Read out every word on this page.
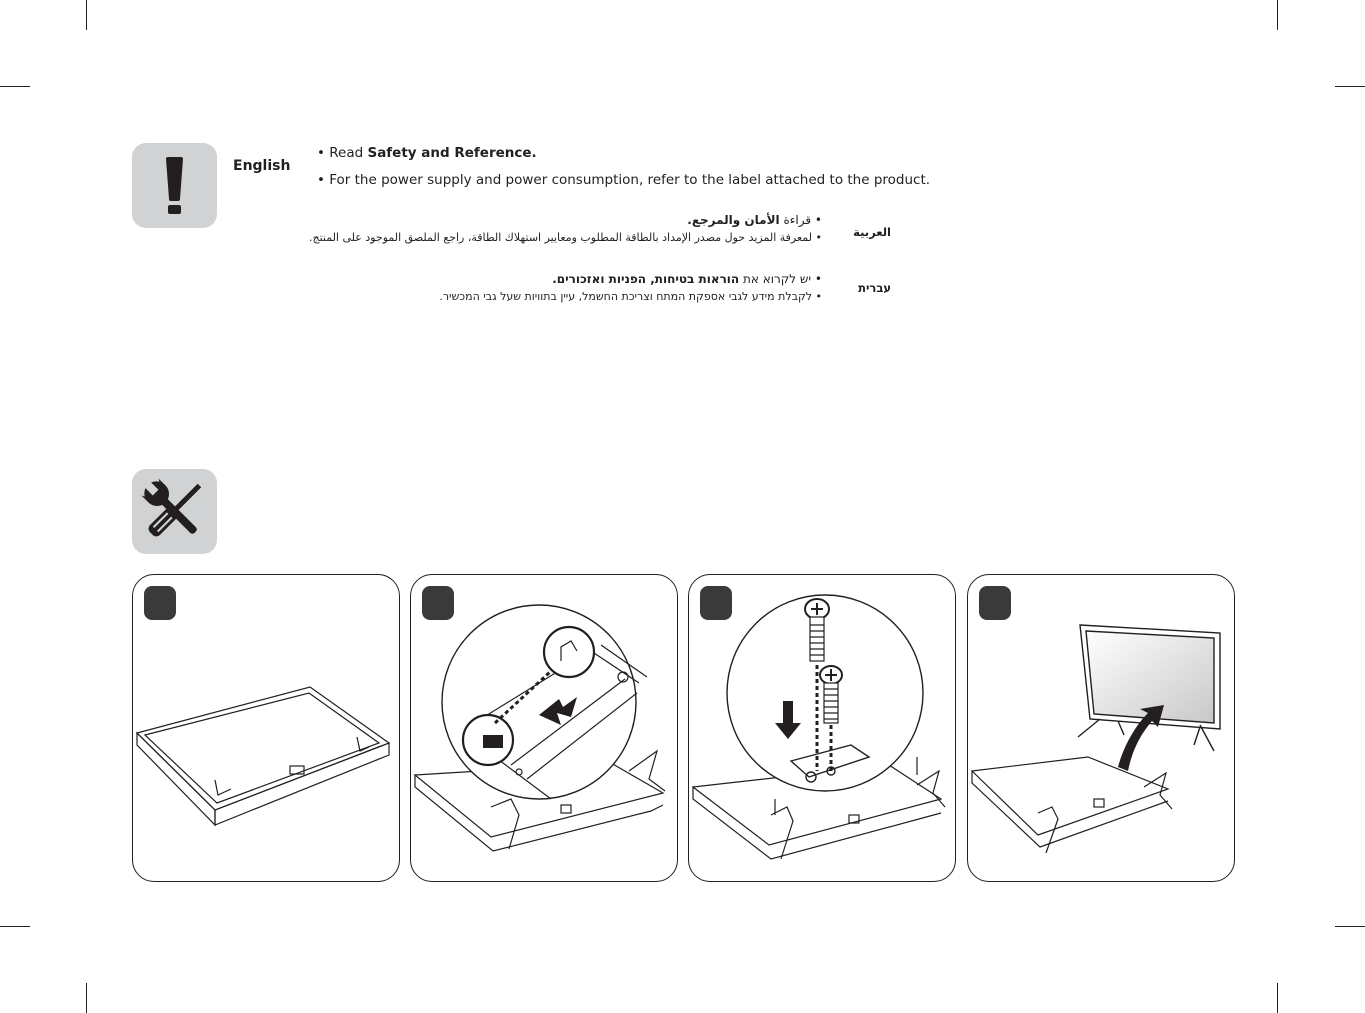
English
• Read Safety and Reference.
• For the power supply and power consumption, refer to the label attached to the product.
• قراءة الأمان والمرجع.
• لمعرفة المزيد حول مصدر الإمداد بالطاقة المطلوب ومعايير استهلاك الطاقة، راجع الملصق الموجود على المنتج.	العربية
• יש לקרוא את הוראות בטיחות, הפניות ואזכורים.
• לקבלת מידע לגבי אספקת המתח וצריכת החשמל, עיין בתוויות שעל גבי המכשיר.
עברית
